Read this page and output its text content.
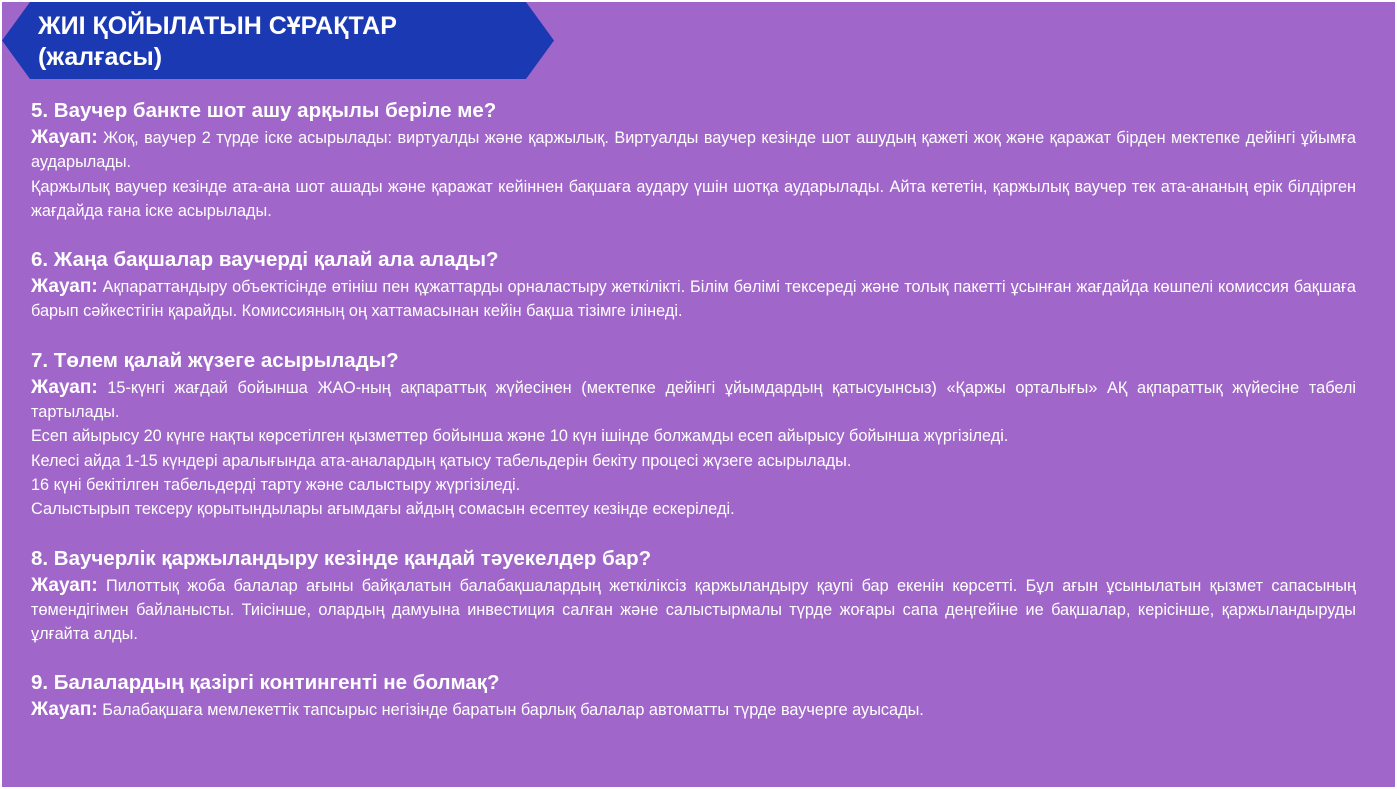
ЖИІ ҚОЙЫЛАТЫН СҰРАҚТАР
(жалғасы)
5. Ваучер банкте шот ашу арқылы беріле ме?

Жауап: Жоқ, ваучер 2 түрде іске асырылады: виртуалды және қаржылық. Виртуалды ваучер кезінде шот ашудың қажеті жоқ және қаражат бірден мектепке дейінгі ұйымға аударылады.

Қаржылық ваучер кезінде ата-ана шот ашады және қаражат кейіннен бақшаға аудару үшін шотқа аударылады. Айта кететін, қаржылық ваучер тек ата-ананың ерік білдірген жағдайда ғана іске асырылады.

6. Жаңа бақшалар ваучерді қалай ала алады?

Жауап: Ақпараттандыру объектісінде өтініш пен құжаттарды орналастыру жеткілікті. Білім бөлімі тексереді және толық пакетті ұсынған жағдайда көшпелі комиссия бақшаға барып сәйкестігін қарайды. Комиссияның оң хаттамасынан кейін бақша тізімге ілінеді.

7. Төлем қалай жүзеге асырылады?

Жауап: 15-күнгі жағдай бойынша ЖАО-ның ақпараттық жүйесінен (мектепке дейінгі ұйымдардың қатысуынсыз) «Қаржы орталығы» АҚ ақпараттық жүйесіне табелі тартылады.

Есеп айырысу 20 күнге нақты көрсетілген қызметтер бойынша және 10 күн ішінде болжамды есеп айырысу бойынша жүргізіледі.

Келесі айда 1-15 күндері аралығында ата-аналардың қатысу табельдерін бекіту процесі жүзеге асырылады.

16 күні бекітілген табельдерді тарту және салыстыру жүргізіледі.

Салыстырып тексеру қорытындылары ағымдағы айдың сомасын есептеу кезінде ескеріледі.

8. Ваучерлік қаржыландыру кезінде қандай тәуекелдер бар?

Жауап: Пилоттық жоба балалар ағыны байқалатын балабақшалардың жеткіліксіз қаржыландыру қаупі бар екенін көрсетті. Бұл ағын ұсынылатын қызмет сапасының төмендігімен байланысты. Тиісінше, олардың дамуына инвестиция салған және салыстырмалы түрде жоғары сапа деңгейіне ие бақшалар, керісінше, қаржыландыруды ұлғайта алды.

9. Балалардың қазіргі контингенті не болмақ?

Жауап: Балабақшаға мемлекеттік тапсырыс негізінде баратын барлық балалар автоматты түрде ваучерге ауысады.
